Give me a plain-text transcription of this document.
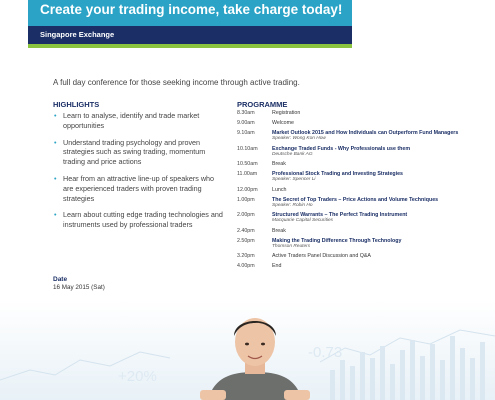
Create your trading income, take charge today!
Singapore Exchange
A full day conference for those seeking income through active trading.
HIGHLIGHTS
• Learn to analyse, identify and trade market opportunities
• Understand trading psychology and proven strategies such as swing trading, momentum trading and price actions
• Hear from an attractive line-up of speakers who are experienced traders with proven trading strategies
• Learn about cutting edge trading technologies and instruments used by professional traders
PROGRAMME
8.30am	Registration
9.00am	Welcome
9.10am	Market Outlook 2015 and How Individuals can Outperform Fund Managers
Speaker: Wong Kon How
10.10am	Exchange Traded Funds - Why Professionals use them
Deutsche Bank AG
10.50am	Break
11.00am	Professional Stock Trading and Investing Strategies
Speaker: Spencer Li
12.00pm	Lunch
1.00pm	The Secret of Top Traders – Price Actions and Volume Techniques
Speaker: Robin Ho
2.00pm	Structured Warrants – The Perfect Trading Instrument
Macquarie Capital Securities
2.40pm	Break
2.50pm	Making the Trading Difference Through Technology
Thomson Reuters
3.20pm	Active Traders Panel Discussion and Q&A
4.00pm	End
Date
16 May 2015 (Sat)
+20%
-0.73
